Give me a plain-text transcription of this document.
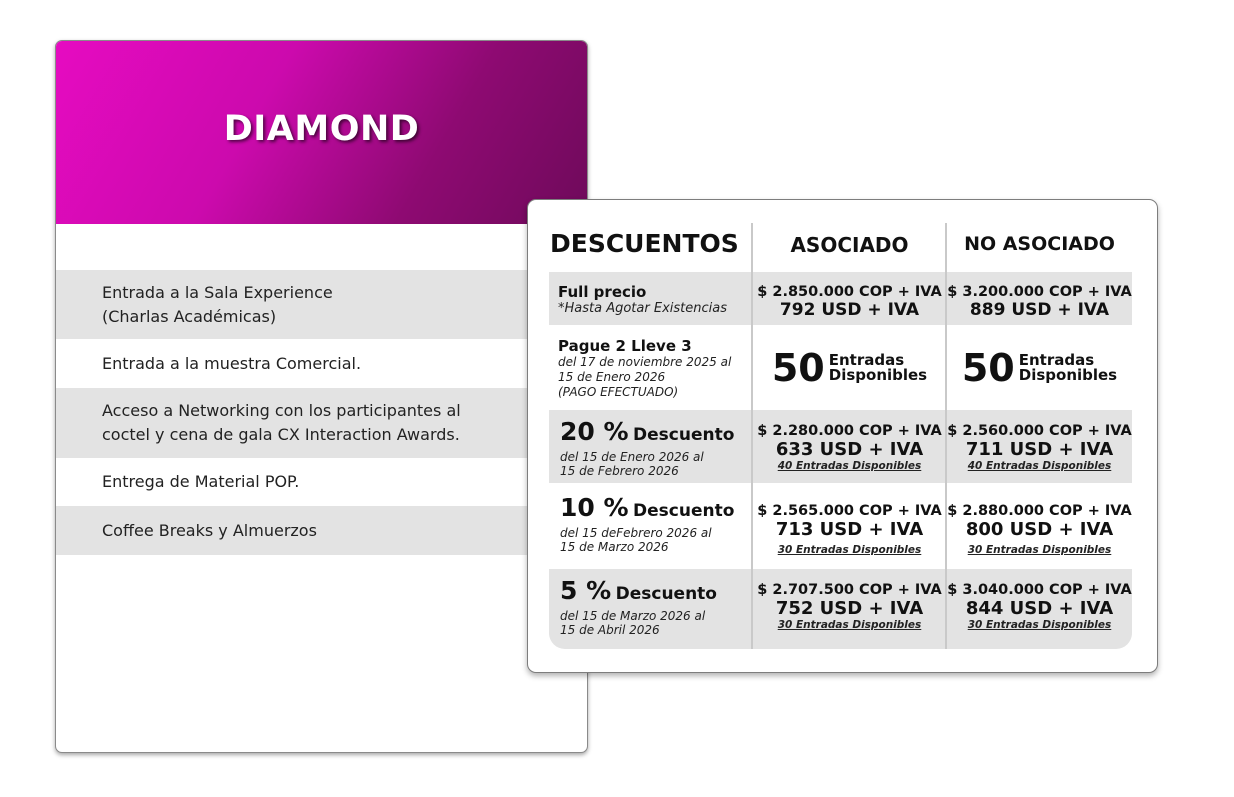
DIAMOND
Entrada a la Sala Experience
(Charlas Académicas)
Entrada a la muestra Comercial.
Acceso a Networking con los participantes al
coctel y cena de gala CX Interaction Awards.
Entrega de Material POP.
Coffee Breaks y Almuerzos
DESCUENTOS	ASOCIADO	NO ASOCIADO
Full precio
*Hasta Agotar Existencias
$ 2.850.000 COP + IVA
792 USD + IVA
$ 3.200.000 COP + IVA
889 USD + IVA
Pague 2 Lleve 3
del 17 de noviembre 2025 al
15 de Enero 2026
(PAGO EFECTUADO)
50 Entradas
Disponibles 50 Entradas
Disponibles
20 % Descuento
del 15 de Enero 2026 al
15 de Febrero 2026
$ 2.280.000 COP + IVA
633 USD + IVA
40 Entradas Disponibles
$ 2.560.000 COP + IVA
711 USD + IVA
40 Entradas Disponibles
10 % Descuento
del 15 deFebrero 2026 al
15 de Marzo 2026
$ 2.565.000 COP + IVA
713 USD + IVA
30 Entradas Disponibles
$ 2.880.000 COP + IVA
800 USD + IVA
30 Entradas Disponibles
5 % Descuento
del 15 de Marzo 2026 al
15 de Abril 2026
$ 2.707.500 COP + IVA
752 USD + IVA
30 Entradas Disponibles
$ 3.040.000 COP + IVA
844 USD + IVA
30 Entradas Disponibles
